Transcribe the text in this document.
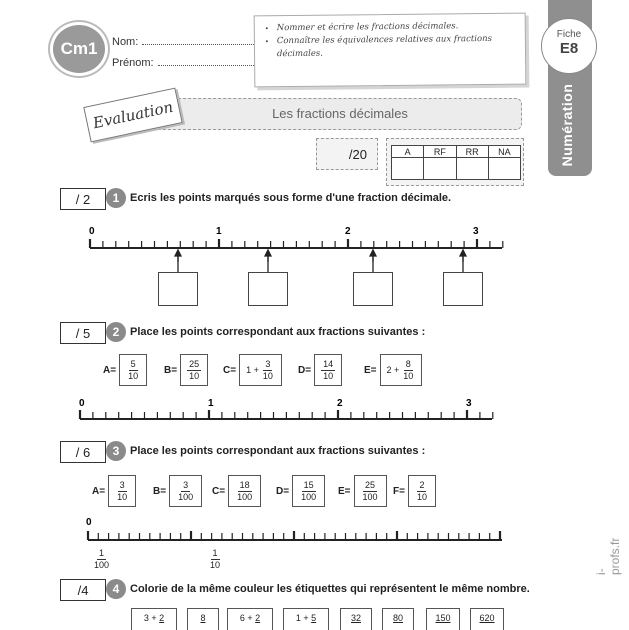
Cm1	Nom:
Prénom:
• Nommer et écrire les fractions décimales.
• Connaître les équivalences relatives aux fractions décimales.
Fiche
E8
Numération
Les fractions décimales
Evaluation
/20	A	RF	RR	NA

/ 2	1 Ecris les points marqués sous forme d'une fraction décimale.
0	1	2	3
/ 5	2 Place les points correspondant aux fractions suivantes :
$A= \frac{5}{10} B= \frac{25}{10} C= 1 + \frac{3}{10} D= \frac{14}{10}$	$E= 2 + \frac{8}{10}$
0	1	2	3
/ 6	3 Place les points correspondant aux fractions suivantes :
$A= \frac{3}{10} B= \frac{3}{100} C= \frac{18}{100} D= \frac{15}{100} E= \frac{25}{100} F= \frac{2}{10}$
0
$\frac{1}{100}$	$\frac{1}{10}$
/4	4 Colorie de la même couleur les étiquettes qui représentent le même nombre.
3 +
2	8	6 +
2	1 +
5	32	80	150	620
i-profs.fr
